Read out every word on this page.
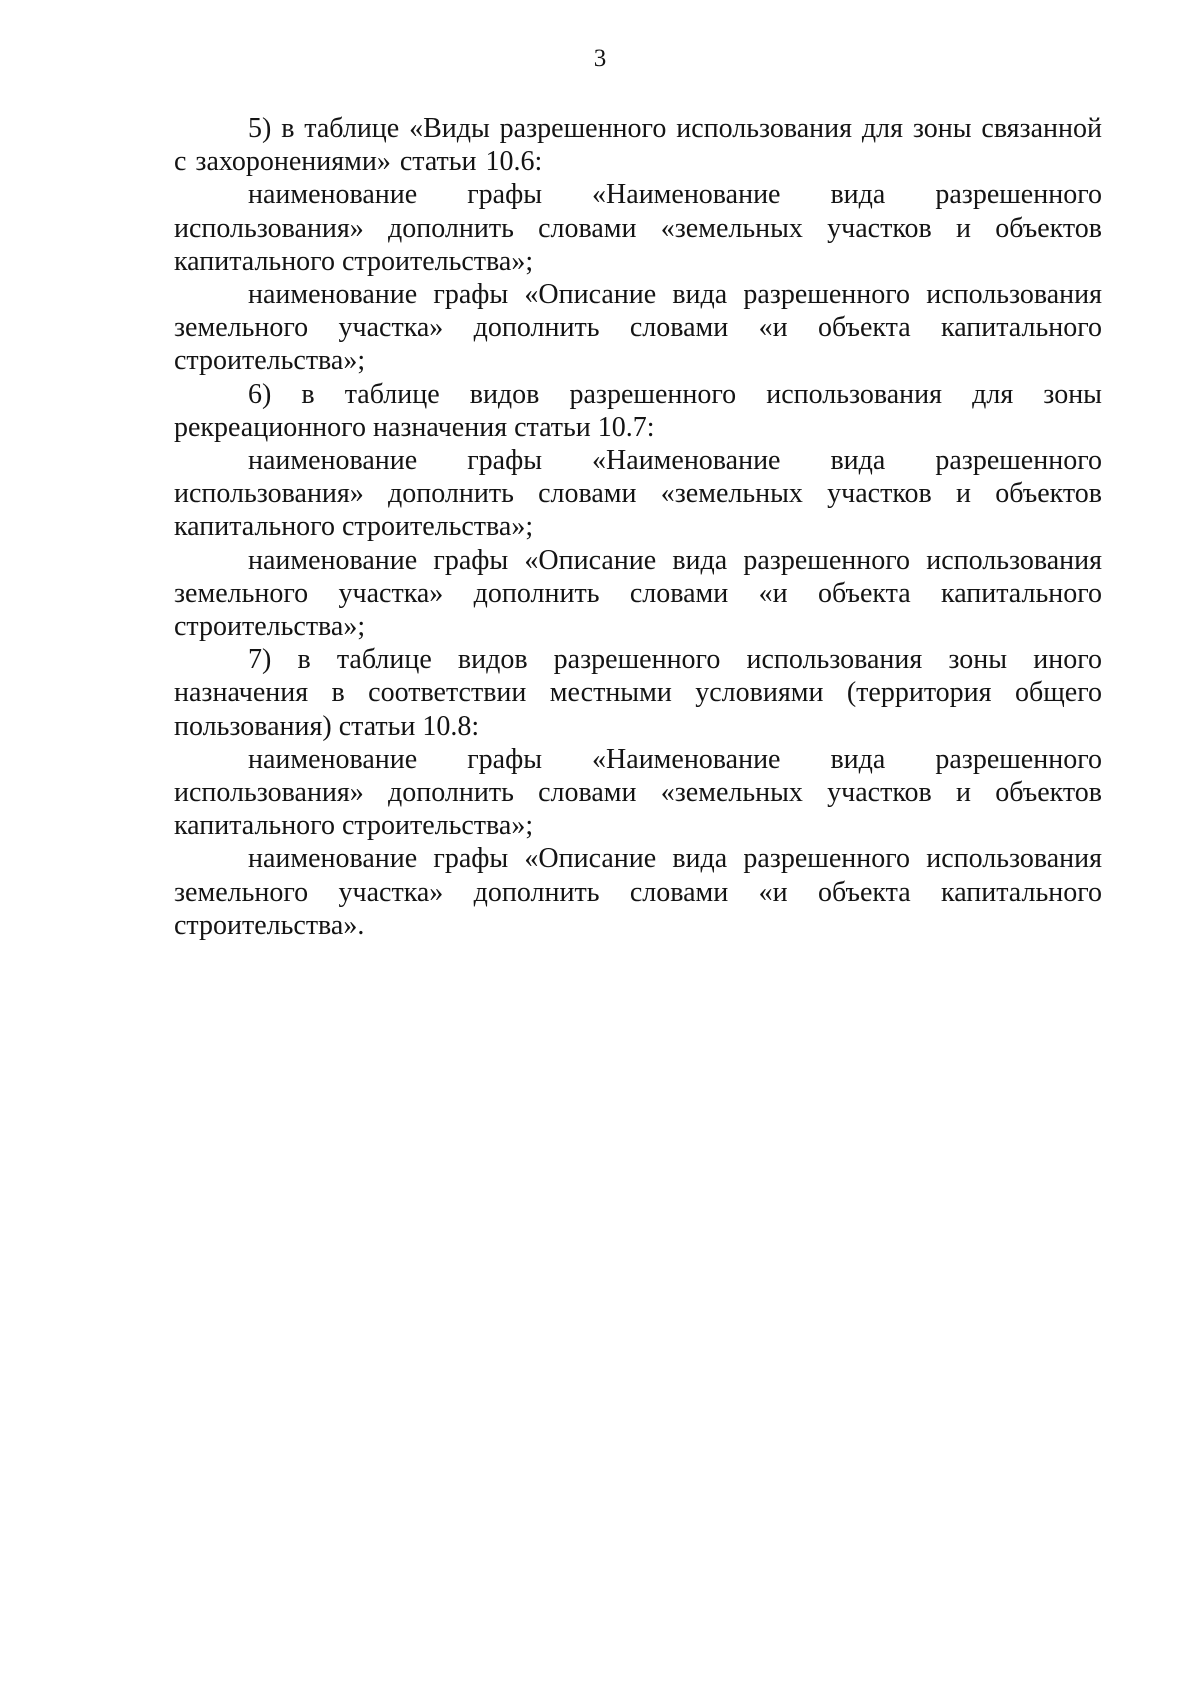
3

5) в таблице «Виды разрешенного использования для зоны связанной с захоронениями» статьи 10.6:

наименование графы «Наименование вида разрешенного использования» дополнить словами «земельных участков и объектов капитального строительства»;

наименование графы «Описание вида разрешенного использования земельного участка» дополнить словами «и объекта капитального строительства»;

6) в таблице видов разрешенного использования для зоны рекреационного назначения статьи 10.7:

наименование графы «Наименование вида разрешенного использования» дополнить словами «земельных участков и объектов капитального строительства»;

наименование графы «Описание вида разрешенного использования земельного участка» дополнить словами «и объекта капитального строительства»;

7) в таблице видов разрешенного использования зоны иного назначения в соответствии местными условиями (территория общего пользования) статьи 10.8:

наименование графы «Наименование вида разрешенного использования» дополнить словами «земельных участков и объектов капитального строительства»;

наименование графы «Описание вида разрешенного использования земельного участка» дополнить словами «и объекта капитального строительства».
